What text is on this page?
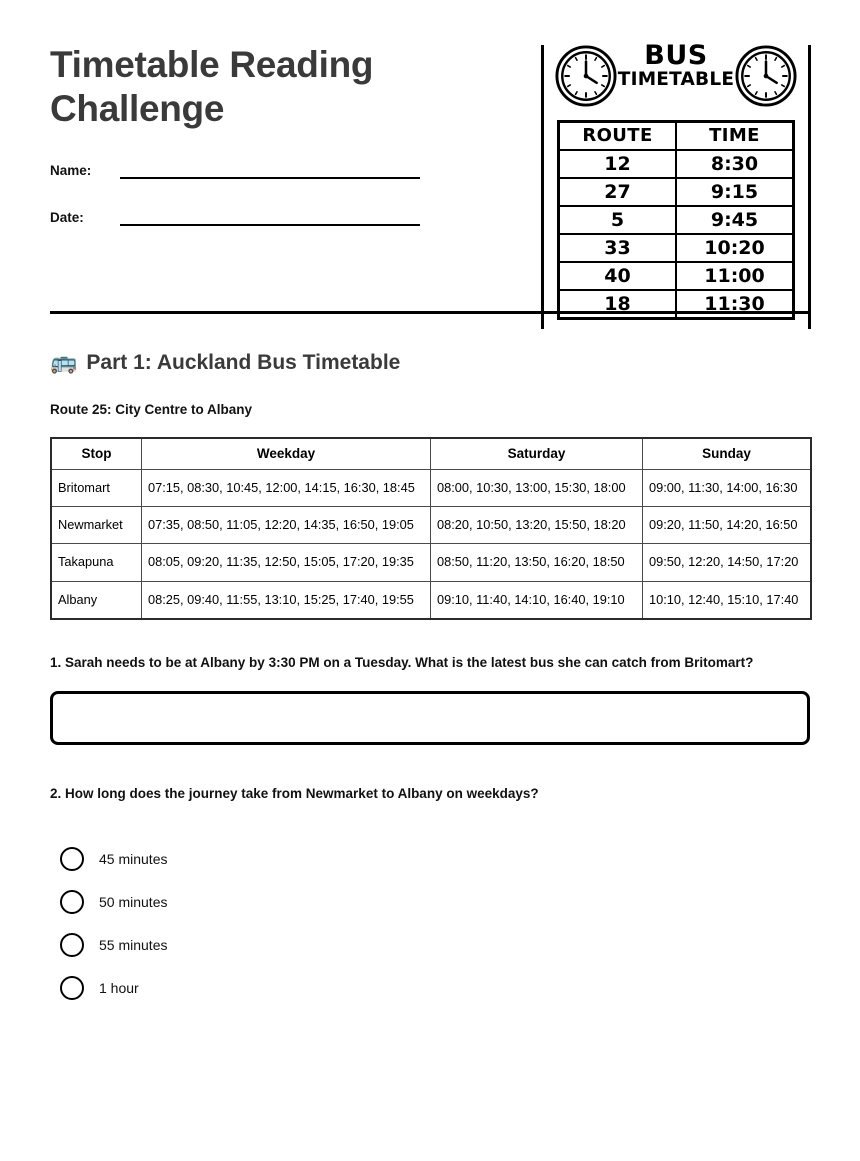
Timetable Reading Challenge
Name:
Date:
BUS
TIMETABLE
ROUTE	TIME
12	8:30
27	9:15
5	9:45
33	10:20
40	11:00
18	11:30
🚌 Part 1: Auckland Bus Timetable
Route 25: City Centre to Albany
Stop	Weekday	Saturday	Sunday
Britomart	07:15, 08:30, 10:45, 12:00, 14:15, 16:30, 18:45	08:00, 10:30, 13:00, 15:30, 18:00	09:00, 11:30, 14:00, 16:30
Newmarket	07:35, 08:50, 11:05, 12:20, 14:35, 16:50, 19:05	08:20, 10:50, 13:20, 15:50, 18:20	09:20, 11:50, 14:20, 16:50
Takapuna	08:05, 09:20, 11:35, 12:50, 15:05, 17:20, 19:35	08:50, 11:20, 13:50, 16:20, 18:50	09:50, 12:20, 14:50, 17:20
Albany	08:25, 09:40, 11:55, 13:10, 15:25, 17:40, 19:55	09:10, 11:40, 14:10, 16:40, 19:10	10:10, 12:40, 15:10, 17:40
1. Sarah needs to be at Albany by 3:30 PM on a Tuesday. What is the latest bus she can catch from Britomart?
2. How long does the journey take from Newmarket to Albany on weekdays?
45 minutes
50 minutes
55 minutes
1 hour
